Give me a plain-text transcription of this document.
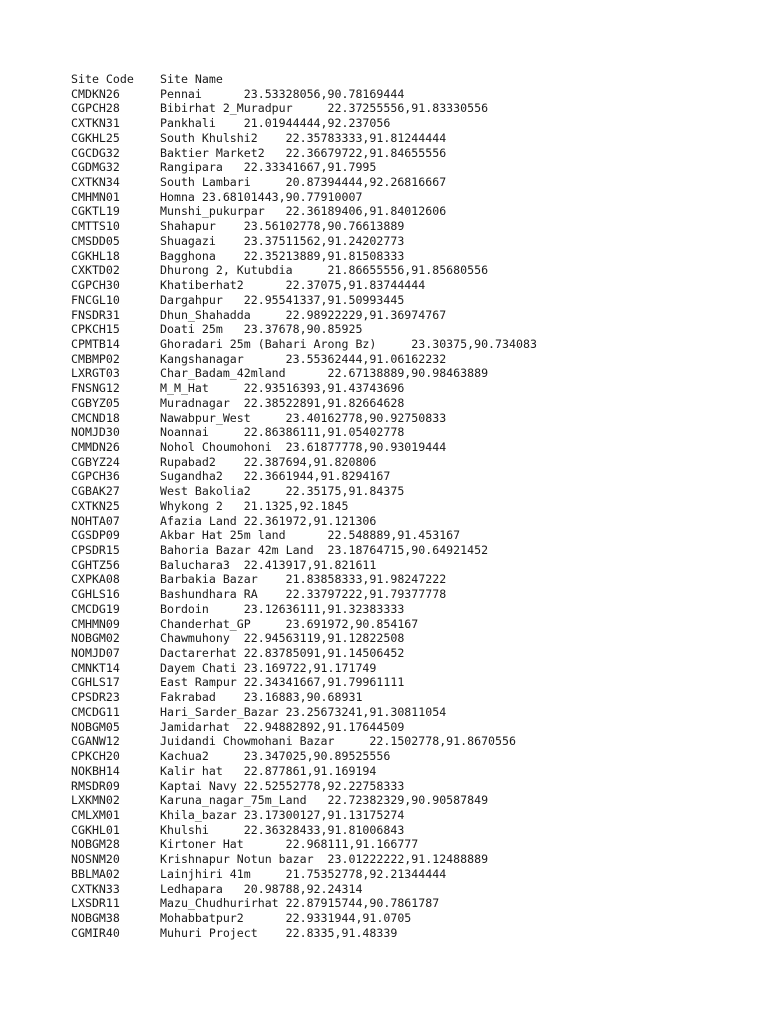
Site Code	Site Name
CMDKN26	Pennai      23.53328056,90.78169444
CGPCH28	Bibirhat 2_Muradpur     22.37255556,91.83330556
CXTKN31	Pankhali    21.01944444,92.237056
CGKHL25	South Khulshi2    22.35783333,91.81244444
CGCDG32	Baktier Market2   22.36679722,91.84655556
CGDMG32	Rangipara   22.33341667,91.7995
CXTKN34	South Lambari     20.87394444,92.26816667
CMHMN01	Homna 23.68101443,90.77910007
CGKTL19	Munshi_pukurpar   22.36189406,91.84012606
CMTTS10	Shahapur    23.56102778,90.76613889
CMSDD05	Shuagazi    23.37511562,91.24202773
CGKHL18	Bagghona    22.35213889,91.81508333
CXKTD02	Dhurong 2, Kutubdia     21.86655556,91.85680556
CGPCH30	Khatiberhat2      22.37075,91.83744444
FNCGL10	Dargahpur   22.95541337,91.50993445
FNSDR31	Dhun_Shahadda     22.98922229,91.36974767
CPKCH15	Doati 25m   23.37678,90.85925
CPMTB14	Ghoradari 25m (Bahari Arong Bz)     23.30375,90.734083
CMBMP02	Kangshanagar      23.55362444,91.06162232
LXRGT03	Char_Badam_42mland      22.67138889,90.98463889
FNSNG12	M_M_Hat     22.93516393,91.43743696
CGBYZ05	Muradnagar  22.38522891,91.82664628
CMCND18	Nawabpur_West     23.40162778,90.92750833
NOMJD30	Noannai     22.86386111,91.05402778
CMMDN26	Nohol Choumohoni  23.61877778,90.93019444
CGBYZ24	Rupabad2    22.387694,91.820806
CGPCH36	Sugandha2   22.3661944,91.8294167
CGBAK27	West Bakolia2     22.35175,91.84375
CXTKN25	Whykong 2   21.1325,92.1845
NOHTA07	Afazia Land 22.361972,91.121306
CGSDP09	Akbar Hat 25m land      22.548889,91.453167
CPSDR15	Bahoria Bazar 42m Land  23.18764715,90.64921452
CGHTZ56	Baluchara3  22.413917,91.821611
CXPKA08	Barbakia Bazar    21.83858333,91.98247222
CGHLS16	Bashundhara RA    22.33797222,91.79377778
CMCDG19	Bordoin     23.12636111,91.32383333
CMHMN09	Chanderhat_GP     23.691972,90.854167
NOBGM02	Chawmuhony  22.94563119,91.12822508
NOMJD07	Dactarerhat 22.83785091,91.14506452
CMNKT14	Dayem Chati 23.169722,91.171749
CGHLS17	East Rampur 22.34341667,91.79961111
CPSDR23	Fakrabad    23.16883,90.68931
CMCDG11	Hari_Sarder_Bazar 23.25673241,91.30811054
NOBGM05	Jamidarhat  22.94882892,91.17644509
CGANW12	Juidandi Chowmohani Bazar     22.1502778,91.8670556
CPKCH20	Kachua2     23.347025,90.89525556
NOKBH14	Kalir hat   22.877861,91.169194
RMSDR09	Kaptai Navy 22.52552778,92.22758333
LXKMN02	Karuna_nagar_75m_Land   22.72382329,90.90587849
CMLXM01	Khila_bazar 23.17300127,91.13175274
CGKHL01	Khulshi     22.36328433,91.81006843
NOBGM28	Kirtoner Hat      22.968111,91.166777
NOSNM20	Krishnapur Notun bazar  23.01222222,91.12488889
BBLMA02	Lainjhiri 41m     21.75352778,92.21344444
CXTKN33	Ledhapara   20.98788,92.24314
LXSDR11	Mazu_Chudhurirhat 22.87915744,90.7861787
NOBGM38	Mohabbatpur2      22.9331944,91.0705
CGMIR40	Muhuri Project    22.8335,91.48339
